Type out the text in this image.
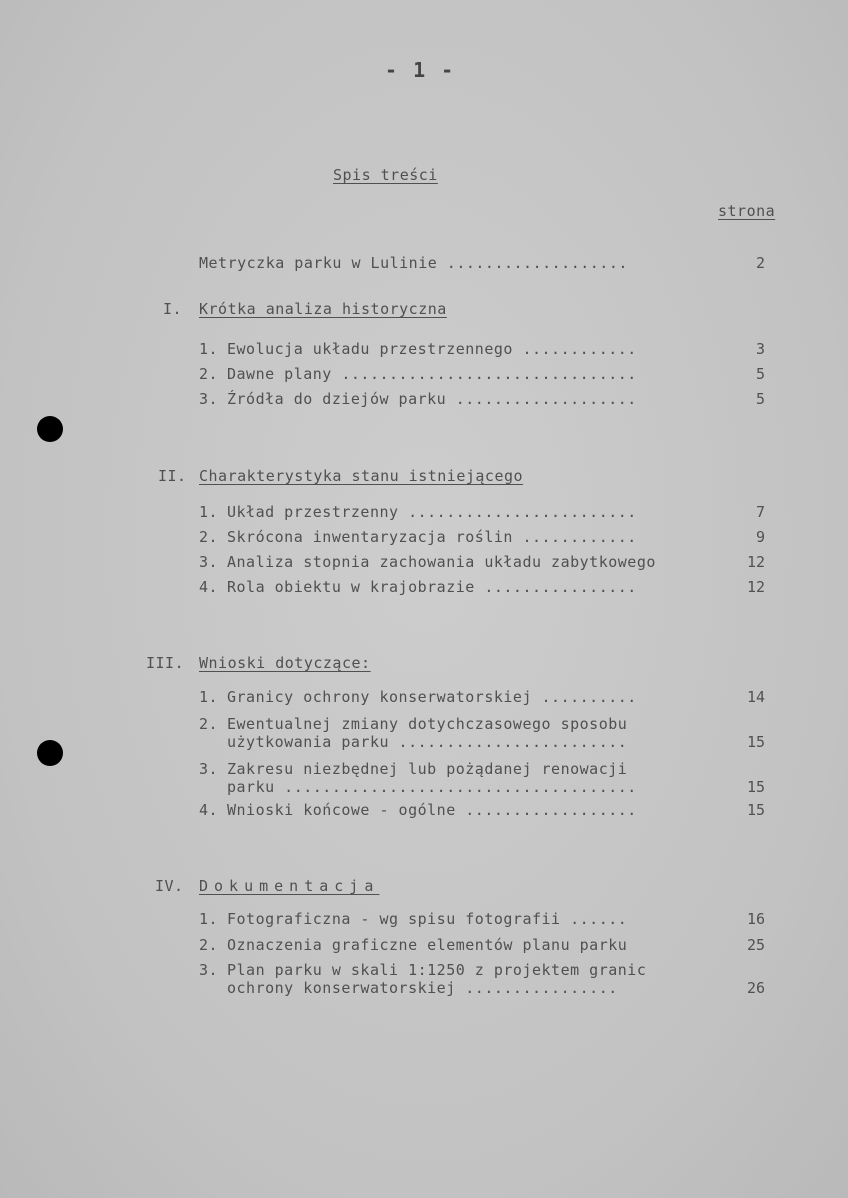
- 1 -
Spis treści
strona
Metryczka parku w Lulinie ...................	2
I. Krótka analiza historyczna
1. Ewolucja układu przestrzennego ............	3
2. Dawne plany ...............................	5
3. Źródła do dziejów parku ...................	5
II. Charakterystyka stanu istniejącego
1. Układ przestrzenny ........................	7
2. Skrócona inwentaryzacja roślin ............	9
3. Analiza stopnia zachowania układu zabytkowego	12
4. Rola obiektu w krajobrazie ................	12
III. Wnioski dotyczące:
1. Granicy ochrony konserwatorskiej ..........	14
2. Ewentualnej zmiany dotychczasowego sposobu
użytkowania parku ........................	15
3. Zakresu niezbędnej lub pożądanej renowacji
parku .....................................	15
4. Wnioski końcowe - ogólne ..................	15
IV. Dokumentacja
1. Fotograficzna - wg spisu fotografii ......	16
2. Oznaczenia graficzne elementów planu parku	25
3. Plan parku w skali 1:1250 z projektem granic
ochrony konserwatorskiej ................	26
